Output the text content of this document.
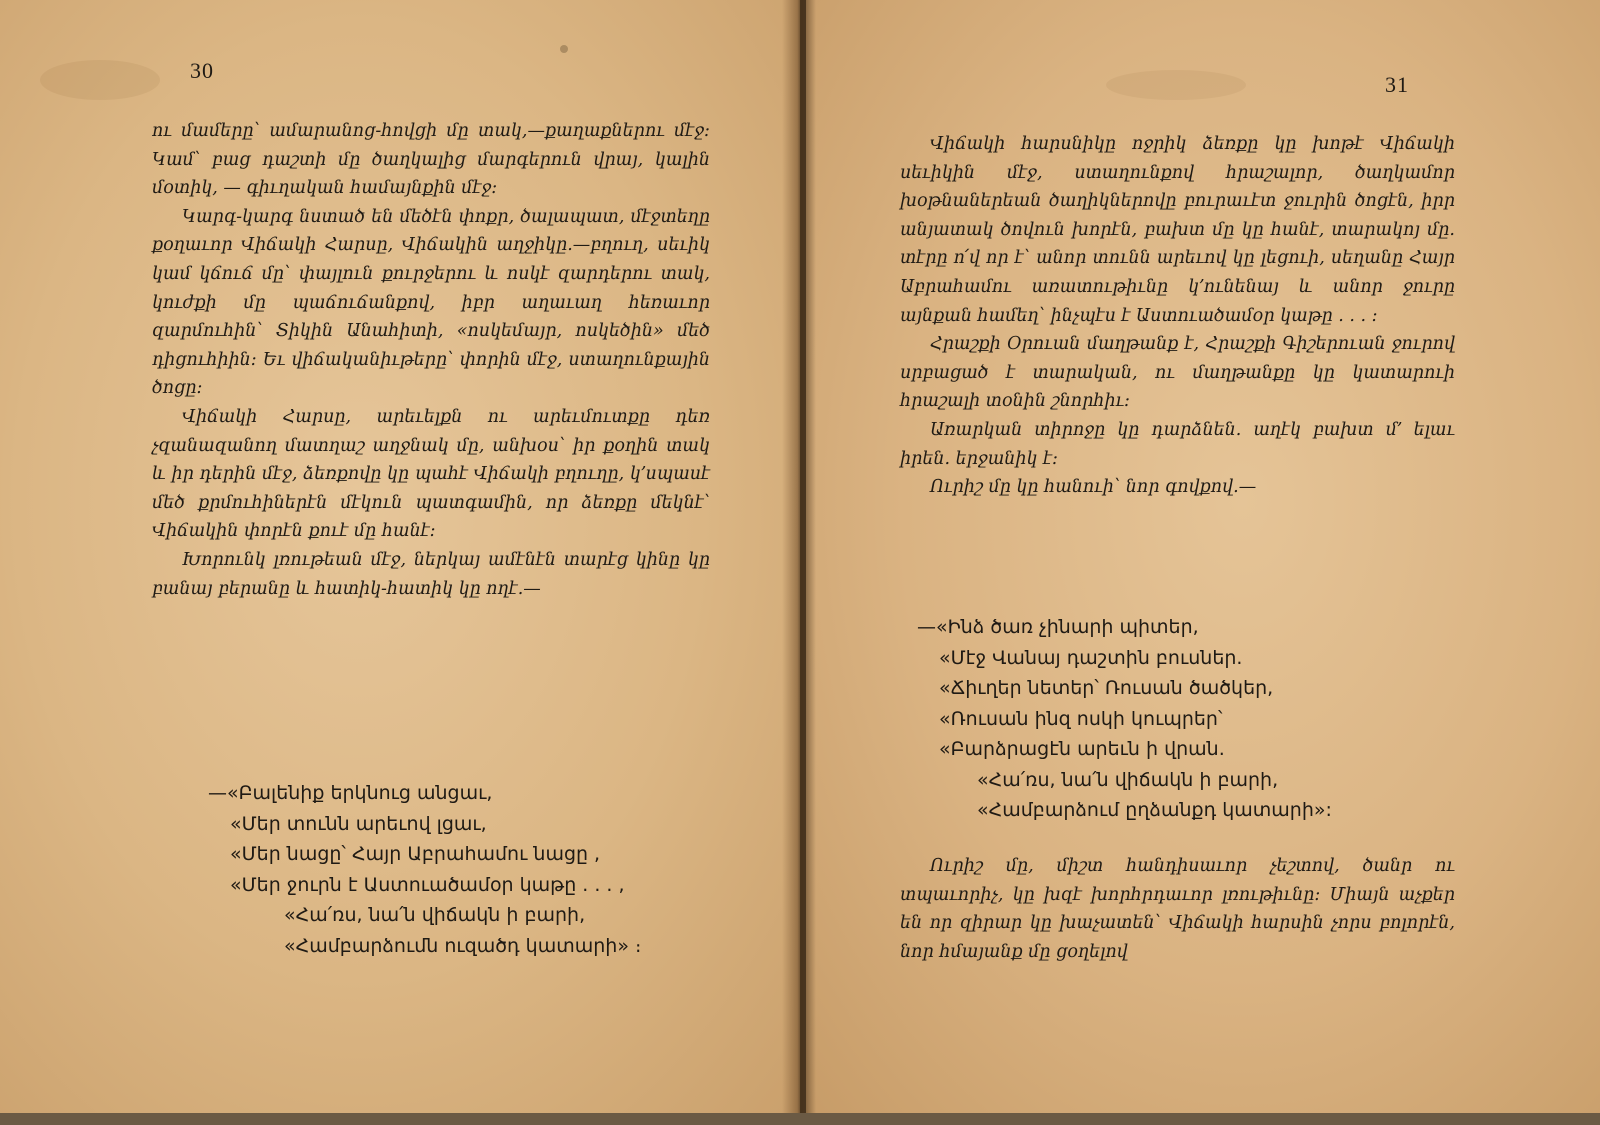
30

ու մամերը՝ ամարանոց-հովցի մը տակ,—քաղաքներու մէջ։ Կամ՝ բաց դաշտի մը ծաղկալից մարգերուն վրայ, կալին մօտիկ, — գիւղական համայնքին մէջ։

Կարգ-կարգ նստած են մեծէն փոքր, ծալապատ, մէջտեղը քօղաւոր Վիճակի Հարսը, Վիճակին աղջիկը.—բղուղ, սեւիկ կամ կճուճ մը՝ փայլուն քուրջերու և ոսկէ զարդերու տակ, կուժքի մը պաճուճանքով, իբր աղաւաղ հեռաւոր զարմուհին՝ Տիկին Անահիտի, «ոսկեմայր, ոսկեծին» մեծ դիցուհիին։ Եւ վիճականիւթերը՝ փորին մէջ, ստաղունքային ծոցը։

Վիճակի Հարսը, արեւելքն ու արեւմուտքը դեռ չզանազանող մատղաշ աղջնակ մը, անխօս՝ իր քօղին տակ և իր դերին մէջ, ձեռքովը կը պահէ Վիճակի բղուղը, կ՚սպասէ մեծ քրմուհիներէն մէկուն պատգամին, որ ձեռքը մեկնէ՝ Վիճակին փորէն քուէ մը հանէ։

Խորունկ լռութեան մէջ, ներկայ ամէնէն տարէց կինը կը բանայ բերանը և հատիկ-հատիկ կը ողէ.—

—«Բալենիք երկնուց անցաւ,
«Մեր տունն արեւով լցաւ,
«Մեր նացը՝ Հայր Աբրահամու նացը ,
«Մեր ջուրն է Աստուածամօր կաթը . . . ,
«Հա՛ռս, նա՛ն վիճակն ի բարի,
«Համբարձումն ուզածդ կատարի» ։
31

Վիճակի հարսնիկը ոջրիկ ձեռքը կը խոթէ Վիճակի սեւիկին մէջ, ստաղունքով հրաշալոր, ծաղկամոր խօթնաներեան ծաղիկներովը բուրաւէտ ջուրին ծոցէն, իրր անյատակ ծովուն խորէն, բախտ մը կը հանէ, տարակոյ մը. տէրը ո՛վ որ է՝ անոր տունն արեւով կը լեցուի, սեղանը Հայր Աբրահամու առատութիւնը կ՚ունենայ և անոր ջուրը այնքան համեղ՝ ինչպէս է Աստուածամօր կաթը . . . ։

Հրաշքի Օրուան մաղթանք է, Հրաշքի Գիշերուան ջուրով սրբացած է տարական, ու մաղթանքը կը կատարուի հրաշալի տօնին շնորհիւ։

Առարկան տիրոջը կը դարձնեն. աղէկ բախտ մ՚ ելաւ իրեն. երջանիկ է։

Ուրիշ մը կը հանուի՝ նոր գովքով.—

—«Ինձ ծառ չինարի պիտեր,
«Մէջ Վանայ դաշտին բուսներ.
«Ճիւղեր նետեր՝ Ռուսան ծածկեր,
«Ռուսան ինզ ոսկի կուպրեր՝
«Բարձրացէն արեւն ի վրան.
«Հա՛ռս, նա՛ն վիճակն ի բարի,
«Համբարձում ըղձանքդ կատարի»:

Ուրիշ մը, միշտ հանդիսաւոր չեշտով, ծանր ու տպաւորիչ, կը խզէ խորհրդաւոր լռութիւնը։ Միայն աչքեր են որ զիրար կը խաչատեն՝ Վիճակի հարսին չորս բոլորէն, նոր հմայանք մը ցօղելով
